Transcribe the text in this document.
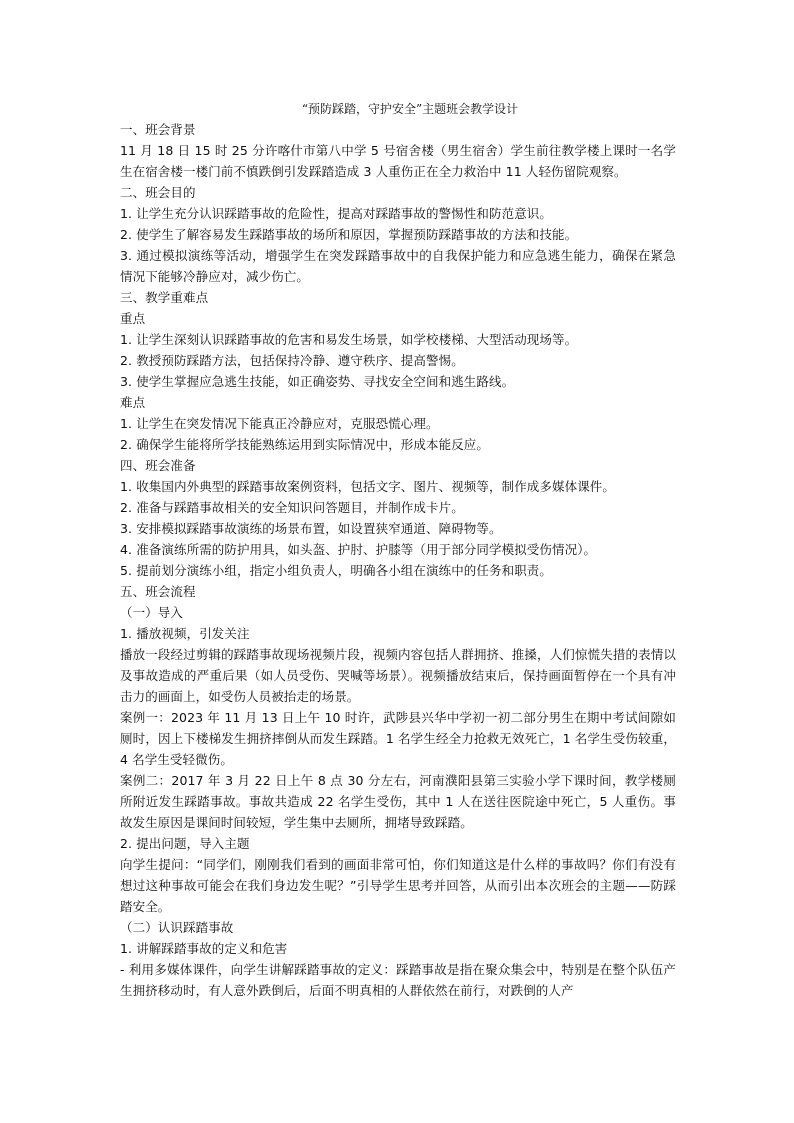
“预防踩踏，守护安全”主题班会教学设计

一、班会背景

11 月 18 日 15 时 25 分许喀什市第八中学 5 号宿舍楼（男生宿舍）学生前往教学楼上课时一名学生在宿舍楼一楼门前不慎跌倒引发踩踏造成 3 人重伤正在全力救治中 11 人轻伤留院观察。

二、班会目的

1. 让学生充分认识踩踏事故的危险性，提高对踩踏事故的警惕性和防范意识。

2. 使学生了解容易发生踩踏事故的场所和原因，掌握预防踩踏事故的方法和技能。

3. 通过模拟演练等活动，增强学生在突发踩踏事故中的自我保护能力和应急逃生能力，确保在紧急情况下能够冷静应对，减少伤亡。

三、教学重难点

重点

1. 让学生深刻认识踩踏事故的危害和易发生场景，如学校楼梯、大型活动现场等。

2. 教授预防踩踏方法，包括保持冷静、遵守秩序、提高警惕。

3. 使学生掌握应急逃生技能，如正确姿势、寻找安全空间和逃生路线。

难点

1. 让学生在突发情况下能真正冷静应对，克服恐慌心理。

2. 确保学生能将所学技能熟练运用到实际情况中，形成本能反应。

四、班会准备

1. 收集国内外典型的踩踏事故案例资料，包括文字、图片、视频等，制作成多媒体课件。

2. 准备与踩踏事故相关的安全知识问答题目，并制作成卡片。

3. 安排模拟踩踏事故演练的场景布置，如设置狭窄通道、障碍物等。

4. 准备演练所需的防护用具，如头盔、护肘、护膝等（用于部分同学模拟受伤情况）。

5. 提前划分演练小组，指定小组负责人，明确各小组在演练中的任务和职责。

五、班会流程

（一）导入

1. 播放视频，引发关注

播放一段经过剪辑的踩踏事故现场视频片段，视频内容包括人群拥挤、推搡，人们惊慌失措的表情以及事故造成的严重后果（如人员受伤、哭喊等场景）。视频播放结束后，保持画面暂停在一个具有冲击力的画面上，如受伤人员被抬走的场景。

案例一：2023 年 11 月 13 日上午 10 时许，武陟县兴华中学初一初二部分男生在期中考试间隙如厕时，因上下楼梯发生拥挤摔倒从而发生踩踏。1 名学生经全力抢救无效死亡，1 名学生受伤较重，4 名学生受轻微伤。

案例二：2017 年 3 月 22 日上午 8 点 30 分左右，河南濮阳县第三实验小学下课时间，教学楼厕所附近发生踩踏事故。事故共造成 22 名学生受伤，其中 1 人在送往医院途中死亡，5 人重伤。事故发生原因是课间时间较短，学生集中去厕所，拥堵导致踩踏。

2. 提出问题，导入主题

向学生提问：“同学们，刚刚我们看到的画面非常可怕，你们知道这是什么样的事故吗？你们有没有想过这种事故可能会在我们身边发生呢？”引导学生思考并回答，从而引出本次班会的主题——防踩踏安全。

（二）认识踩踏事故

1. 讲解踩踏事故的定义和危害

- 利用多媒体课件，向学生讲解踩踏事故的定义：踩踏事故是指在聚众集会中，特别是在整个队伍产生拥挤移动时，有人意外跌倒后，后面不明真相的人群依然在前行，对跌倒的人产
